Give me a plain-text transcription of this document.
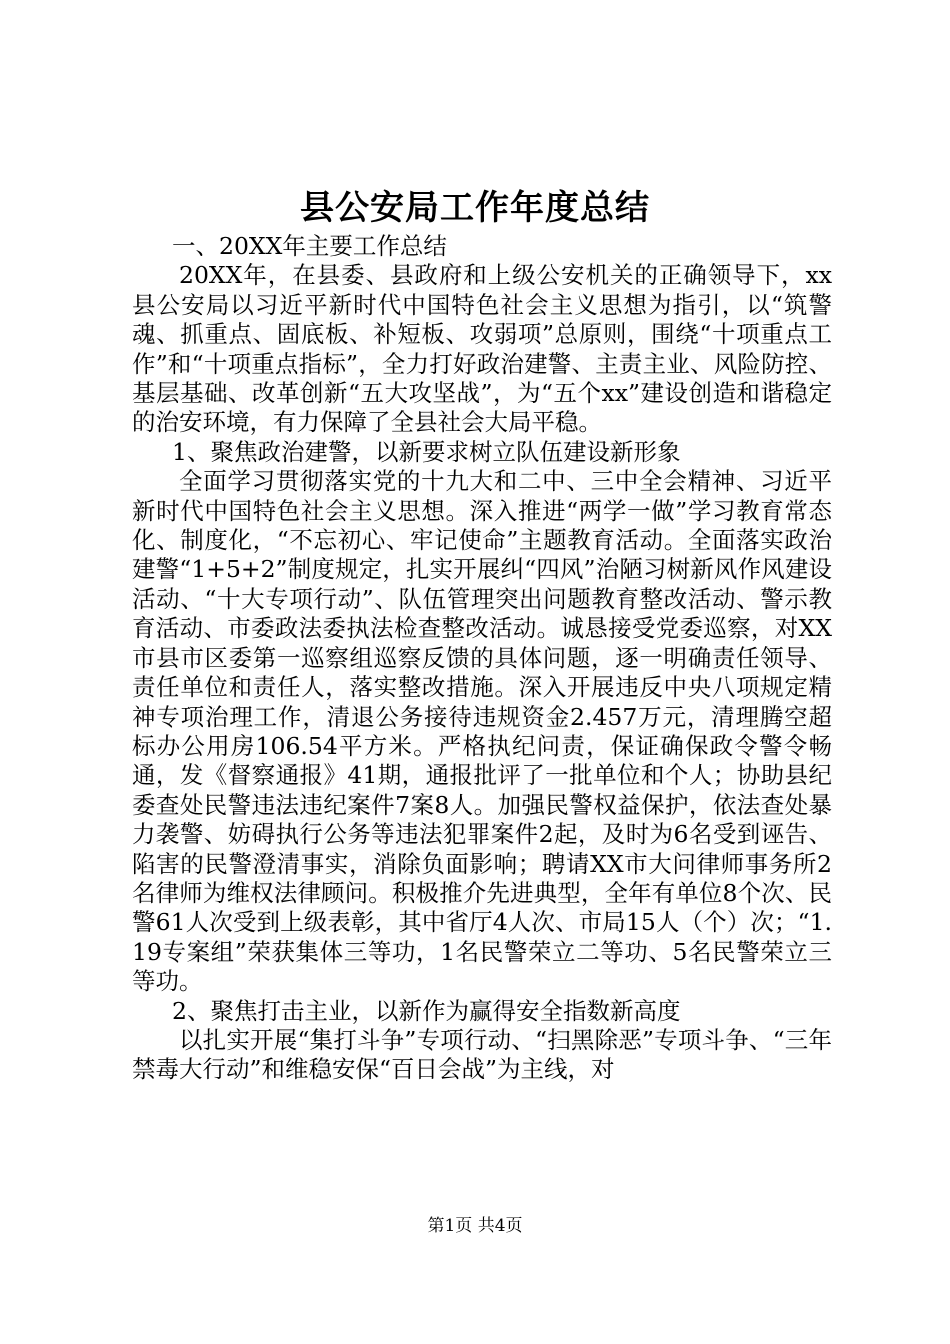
县公安局工作年度总结

一、20XX年主要工作总结

20XX年，在县委、县政府和上级公安机关的正确领导下，xx县公安局以习近平新时代中国特色社会主义思想为指引，以“筑警魂、抓重点、固底板、补短板、攻弱项”总原则，围绕“十项重点工作”和“十项重点指标”，全力打好政治建警、主责主业、风险防控、基层基础、改革创新“五大攻坚战”，为“五个xx”建设创造和谐稳定的治安环境，有力保障了全县社会大局平稳。

1、聚焦政治建警，以新要求树立队伍建设新形象

全面学习贯彻落实党的十九大和二中、三中全会精神、习近平新时代中国特色社会主义思想。深入推进“两学一做”学习教育常态化、制度化，“不忘初心、牢记使命”主题教育活动。全面落实政治建警“1+5+2”制度规定，扎实开展纠“四风”治陋习树新风作风建设活动、“十大专项行动”、队伍管理突出问题教育整改活动、警示教育活动、市委政法委执法检查整改活动。诚恳接受党委巡察，对XX市县市区委第一巡察组巡察反馈的具体问题，逐一明确责任领导、责任单位和责任人，落实整改措施。深入开展违反中央八项规定精神专项治理工作，清退公务接待违规资金2.457万元，清理腾空超标办公用房106.54平方米。严格执纪问责，保证确保政令警令畅通，发《督察通报》41期，通报批评了一批单位和个人；协助县纪委查处民警违法违纪案件7案8人。加强民警权益保护，依法查处暴力袭警、妨碍执行公务等违法犯罪案件2起，及时为6名受到诬告、陷害的民警澄清事实，消除负面影响；聘请XX市大问律师事务所2名律师为维权法律顾问。积极推介先进典型，全年有单位8个次、民警61人次受到上级表彰，其中省厅4人次、市局15人（个）次；“1.19专案组”荣获集体三等功，1名民警荣立二等功、5名民警荣立三等功。

2、聚焦打击主业，以新作为赢得安全指数新高度

以扎实开展“集打斗争”专项行动、“扫黑除恶”专项斗争、“三年禁毒大行动”和维稳安保“百日会战”为主线，对

第1页 共4页
